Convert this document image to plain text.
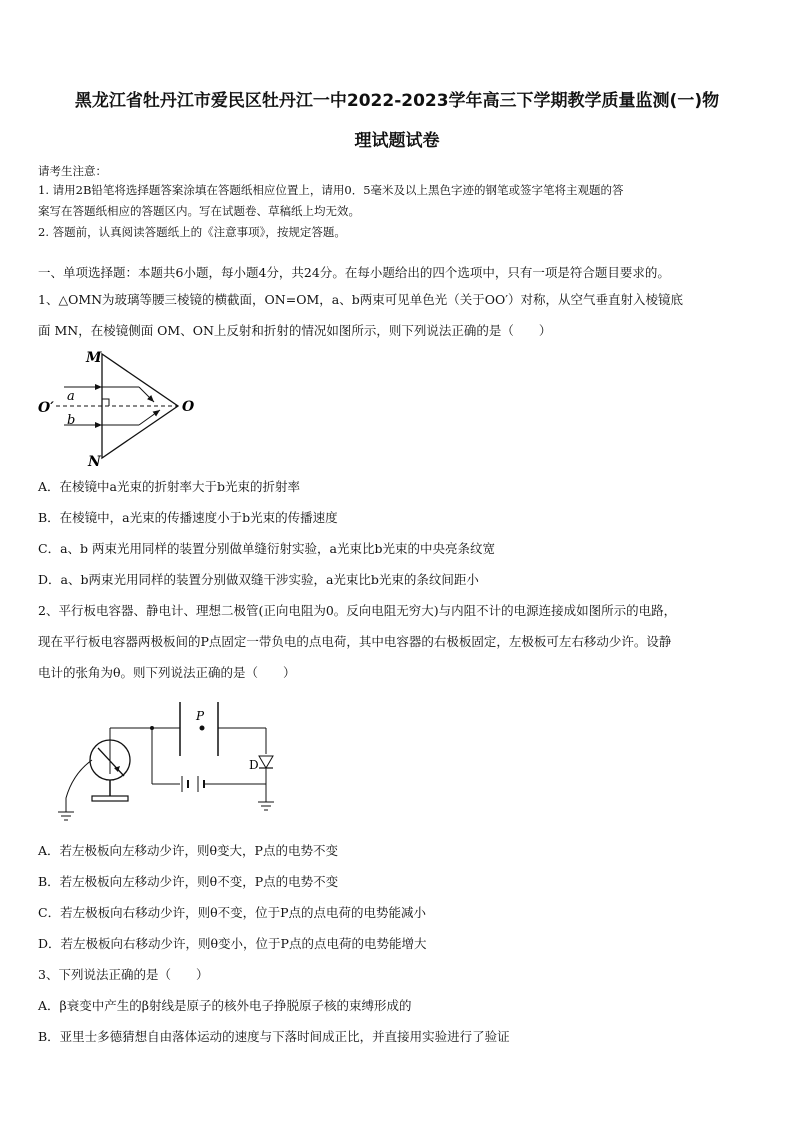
黑龙江省牡丹江市爱民区牡丹江一中2022-2023学年高三下学期教学质量监测(一)物
理试题试卷
请考生注意：
1. 请用2B铅笔将选择题答案涂填在答题纸相应位置上，请用0．5毫米及以上黑色字迹的钢笔或签字笔将主观题的答
案写在答题纸相应的答题区内。写在试题卷、草稿纸上均无效。
2. 答题前，认真阅读答题纸上的《注意事项》，按规定答题。
一、单项选择题：本题共6小题，每小题4分，共24分。在每小题给出的四个选项中，只有一项是符合题目要求的。
1、△OMN为玻璃等腰三棱镜的横截面，ON=OM，a、b两束可见单色光（关于OO′）对称，从空气垂直射入棱镜底
面 MN，在棱镜侧面 OM、ON上反射和折射的情况如图所示，则下列说法正确的是（　　）
M
N
O
O′
a
b
A．在棱镜中a光束的折射率大于b光束的折射率
B．在棱镜中，a光束的传播速度小于b光束的传播速度
C．a、b 两束光用同样的装置分别做单缝衍射实验，a光束比b光束的中央亮条纹宽
D．a、b两束光用同样的装置分别做双缝干涉实验，a光束比b光束的条纹间距小
2、平行板电容器、静电计、理想二极管(正向电阻为0。反向电阻无穷大)与内阻不计的电源连接成如图所示的电路，
现在平行板电容器两极板间的P点固定一带负电的点电荷，其中电容器的右极板固定，左极板可左右移动少许。设静
电计的张角为θ。则下列说法正确的是（　　）
P
D
A．若左极板向左移动少许，则θ变大，P点的电势不变
B．若左极板向左移动少许，则θ不变，P点的电势不变
C．若左极板向右移动少许，则θ不变，位于P点的点电荷的电势能减小
D．若左极板向右移动少许，则θ变小，位于P点的点电荷的电势能增大
3、下列说法正确的是（　　）
A．β衰变中产生的β射线是原子的核外电子挣脱原子核的束缚形成的
B．亚里士多德猜想自由落体运动的速度与下落时间成正比，并直接用实验进行了验证
